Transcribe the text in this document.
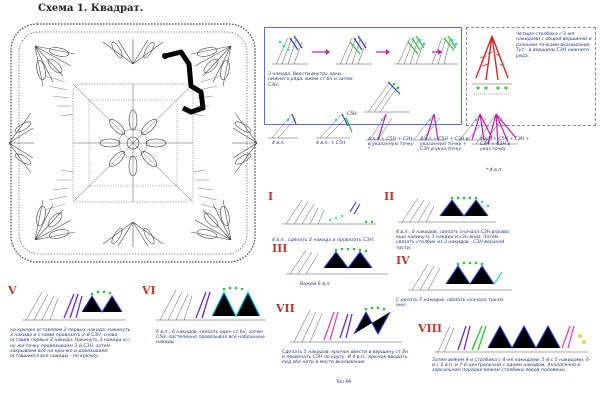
Схема 1. Квадрат.
3 накида. Ввести внутрь арки нижнего ряда, вжем ст.6н и затем С3Н;
Четыре столбика с 3-мя накидами с общей вершиной и разными точками вкалывания. Тут - в вершины С3Н нижнего ряда.
4 в.п.	4 в.п. + С5Н
С5Н
4 в.п.+ С5Н + С3Н в указанную точку *
4 в.п.+ С5Н + С3Н в указанную точку + С3Н в указ.точку
4 в.п.+ С5Н + С3Н + С3Н + С3Н в указ.точку
* 4 в.п.
I
4 в.п., сделать 3 накида и провязать С3Н;
II
4 в.п., 6 накидов, связать сначала С3Н вправо, еще накинуть 3 накида и с3н вниз. Затем связать столбик из 3 накидов - С3Н верхней части;
III
Вяжем 6 в.п.
IV
С делать 5 накидов. связать сначала три из них;
V
на крючке оставляем 2 первых накида: накинуть 3 накида и с ними провязать 2-й С3Н, снова оставив первых 2 накида. Накинуть 3 накида и с ну же точку провязываем 3-й С3Н. затем закрываем все на крючке и довязываем оставшиеся все накиды - по крючку.
VI
6 в.п., 6 накидов, связать один ст.6н, затем С5Н, постепенно провязывая все набранные накиды
VII
Сделать 5 накидов, крючок ввести в вершину ст.6н и провязать С5Н по кругу. И 4 в.п., крючок вводить под обе нити в месте вкалывания
VIII
Затем вяжем 4-и столбика с 4-мя накидами: 5-й с 5 накидами, 6-й с 2 в.п. и 7-й центральный с одним накидом. Аналогично в зеркальном порядке вяжем столбики левой половины
Ton-PA
